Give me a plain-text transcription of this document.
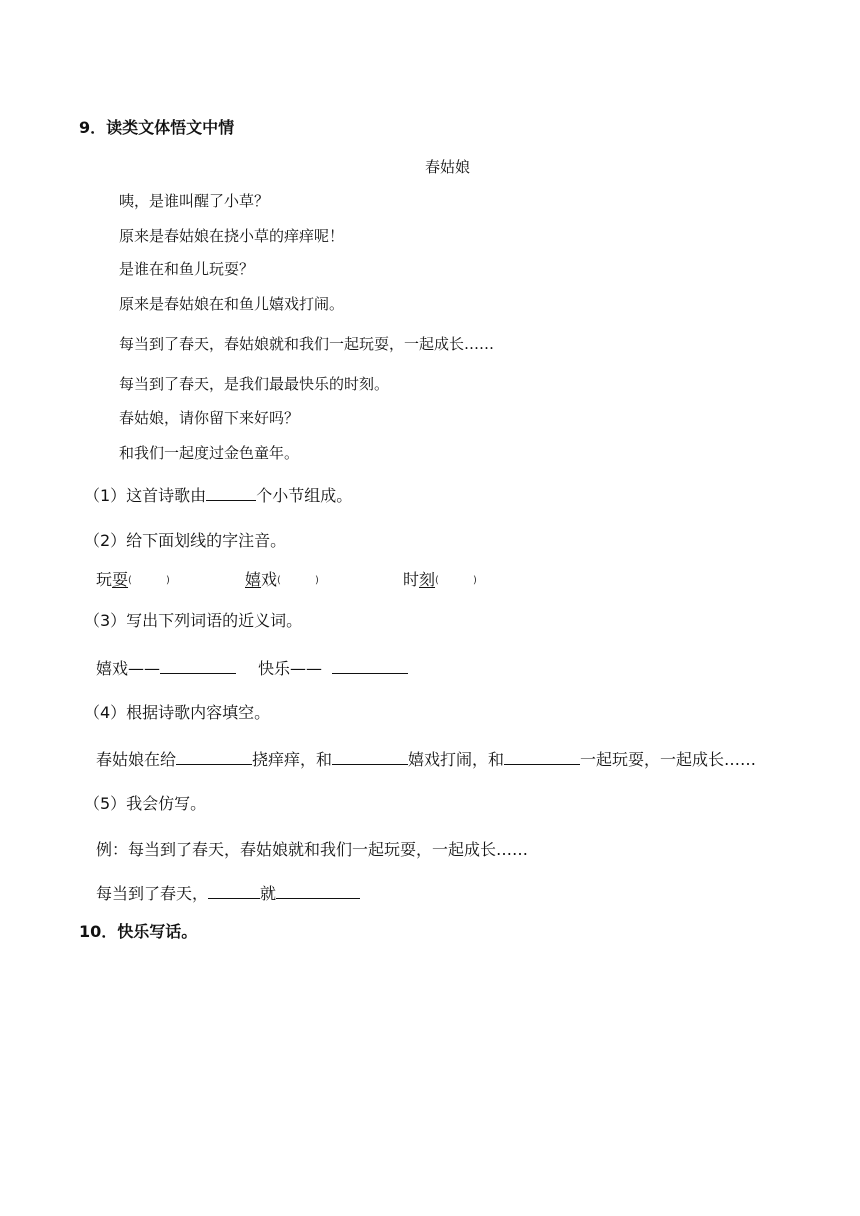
9．读类文体悟文中情
春姑娘
咦，是谁叫醒了小草？
原来是春姑娘在挠小草的痒痒呢！
是谁在和鱼儿玩耍？
原来是春姑娘在和鱼儿嬉戏打闹。
每当到了春天，春姑娘就和我们一起玩耍，一起成长……
每当到了春天，是我们最最快乐的时刻。
春姑娘，请你留下来好吗？
和我们一起度过金色童年。
（1）这首诗歌由	个小节组成。
（2）给下面划线的字注音。
玩耍(	)	嬉戏(	)	时刻(	)
（3）写出下列词语的近义词。
嬉戏——	快乐——
（4）根据诗歌内容填空。
春姑娘在给	挠痒痒，和	嬉戏打闹，和	一起玩耍，一起成长……
（5）我会仿写。
例：每当到了春天，春姑娘就和我们一起玩耍，一起成长……
每当到了春天，	就
10．快乐写话。
